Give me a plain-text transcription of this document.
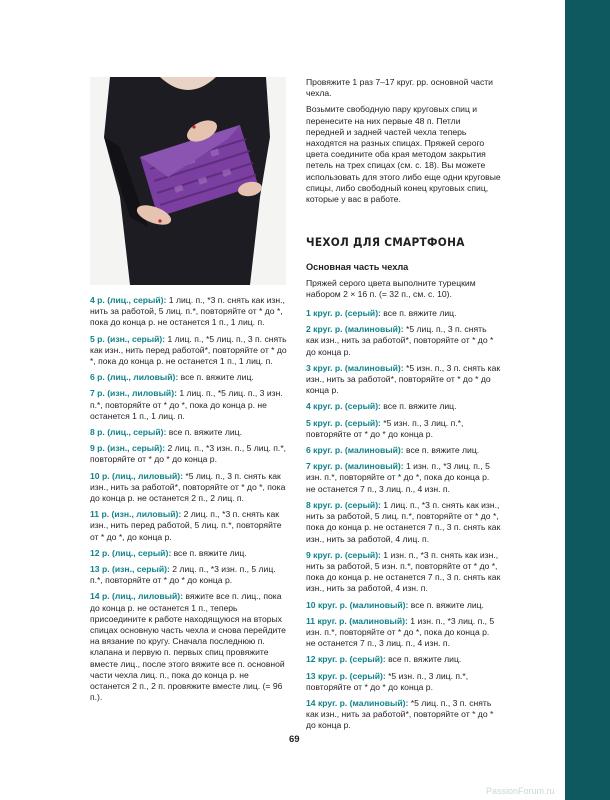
4 р. (лиц., серый): 1 лиц. п., *3 п. снять как изн., нить за работой, 5 лиц. п.*, повторяйте от * до *, пока до конца р. не останется 1 п., 1 лиц. п.

5 р. (изн., серый): 1 лиц. п., *5 лиц. п., 3 п. снять как изн., нить перед работой*, повторяйте от * до *, пока до конца р. не останется 1 п., 1 лиц. п.

6 р. (лиц., лиловый): все п. вяжите лиц.

7 р. (изн., лиловый): 1 лиц. п., *5 лиц. п., 3 изн. п.*, повторяйте от * до *, пока до конца р. не останется 1 п., 1 лиц. п.

8 р. (лиц., серый): все п. вяжите лиц.

9 р. (изн., серый): 2 лиц. п., *3 изн. п., 5 лиц. п.*, повторяйте от * до * до конца р.

10 р. (лиц., лиловый): *5 лиц. п., 3 п. снять как изн., нить за работой*, повторяйте от * до *, пока до конца р. не останется 2 п., 2 лиц. п.

11 р. (изн., лиловый): 2 лиц. п., *3 п. снять как изн., нить перед работой, 5 лиц. п.*, повторяйте от * до *, до конца р.

12 р. (лиц., серый): все п. вяжите лиц.

13 р. (изн., серый): 2 лиц. п., *3 изн. п., 5 лиц. п.*, повторяйте от * до * до конца р.

14 р. (лиц., лиловый): вяжите все п. лиц., пока до конца р. не останется 1 п., теперь присоедините к работе находящуюся на вторых спицах основную часть чехла и снова перейдите на вязание по кругу. Сначала последнюю п. клапана и первую п. первых спиц провяжите вместе лиц., после этого вяжите все п. основной части чехла лиц. п., пока до конца р. не останется 2 п., 2 п. провяжите вместе лиц. (= 96 п.).

Провяжите 1 раз 7–17 круг. рр. основной части чехла.

Возьмите свободную пару круговых спиц и перенесите на них первые 48 п. Петли передней и задней частей чехла теперь находятся на разных спицах. Пряжей серого цвета соедините оба края методом закрытия петель на трех спицах (см. с. 18). Вы можете использовать для этого либо еще одни круговые спицы, либо свободный конец круговых спиц, которые у вас в работе.

ЧЕХОЛ ДЛЯ СМАРТФОНА
Основная часть чехла

Пряжей серого цвета выполните турецким набором 2 × 16 п. (= 32 п., см. с. 10).

1 круг. р. (серый): все п. вяжите лиц.

2 круг. р. (малиновый): *5 лиц. п., 3 п. снять как изн., нить за работой*, повторяйте от * до * до конца р.

3 круг. р. (малиновый): *5 изн. п., 3 п. снять как изн., нить за работой*, повторяйте от * до * до конца р.

4 круг. р. (серый): все п. вяжите лиц.

5 круг. р. (серый): *5 изн. п., 3 лиц. п.*, повторяйте от * до * до конца р.

6 круг. р. (малиновый): все п. вяжите лиц.

7 круг. р. (малиновый): 1 изн. п., *3 лиц. п., 5 изн. п.*, повторяйте от * до *, пока до конца р. не останется 7 п., 3 лиц. п., 4 изн. п.

8 круг. р. (серый): 1 лиц. п., *3 п. снять как изн., нить за работой, 5 лиц. п.*, повторяйте от * до *, пока до конца р. не останется 7 п., 3 п. снять как изн., нить за работой, 4 лиц. п.

9 круг. р. (серый): 1 изн. п., *3 п. снять как изн., нить за работой, 5 изн. п.*, повторяйте от * до *, пока до конца р. не останется 7 п., 3 п. снять как изн., нить за работой, 4 изн. п.

10 круг. р. (малиновый): все п. вяжите лиц.

11 круг. р. (малиновый): 1 изн. п., *3 лиц. п., 5 изн. п.*, повторяйте от * до *, пока до конца р. не останется 7 п., 3 лиц. п., 4 изн. п.

12 круг. р. (серый): все п. вяжите лиц.

13 круг. р. (серый): *5 изн. п., 3 лиц. п.*, повторяйте от * до * до конца р.

14 круг. р. (малиновый): *5 лиц. п., 3 п. снять как изн., нить за работой*, повторяйте от * до * до конца р.

69
PassionForum.ru
